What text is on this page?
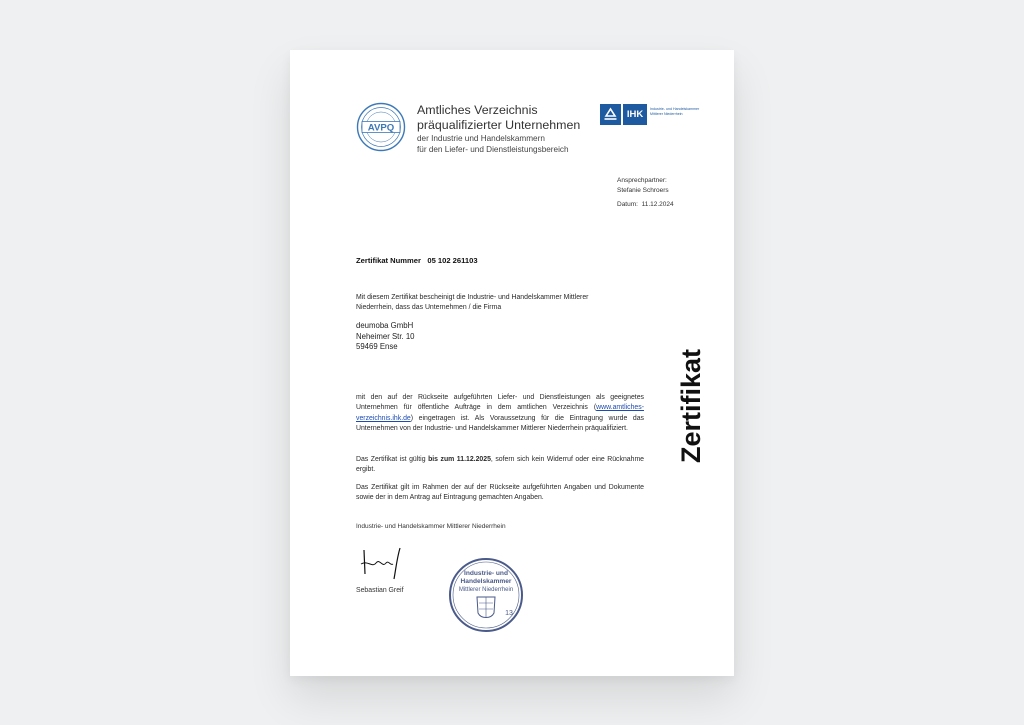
AVPQ
Amtliches Verzeichnis
präqualifizierter Unternehmen
der Industrie und Handelskammern
für den Liefer- und Dienstleistungsbereich
IHK	Industrie- und Handelskammer
Mittlerer Niederrhein
Ansprechpartner:
Stefanie Schroers
Datum: 11.12.2024
Zertifikat Nummer 05 102 261103
Mit diesem Zertifikat bescheinigt die Industrie- und Handelskammer Mittlerer
Niederrhein, dass das Unternehmen / die Firma
deumoba GmbH
Neheimer Str. 10
59469 Ense
mit den auf der Rückseite aufgeführten Liefer- und Dienstleistungen als geeignetes Unternehmen für öffentliche Aufträge in dem amtlichen Verzeichnis (www.amtliches-verzeichnis.ihk.de) eingetragen ist. Als Voraussetzung für die Eintragung wurde das Unternehmen von der Industrie- und Handelskammer Mittlerer Niederrhein präqualifiziert.
Das Zertifikat ist gültig bis zum 11.12.2025, sofern sich kein Widerruf oder eine Rücknahme ergibt.
Das Zertifikat gilt im Rahmen der auf der Rückseite aufgeführten Angaben und Dokumente sowie der in dem Antrag auf Eintragung gemachten Angaben.
Industrie- und Handelskammer Mittlerer Niederrhein
Sebastian Greif
Industrie- und
Handelskammer
Mittlerer Niederrhein
13
Zertifikat
